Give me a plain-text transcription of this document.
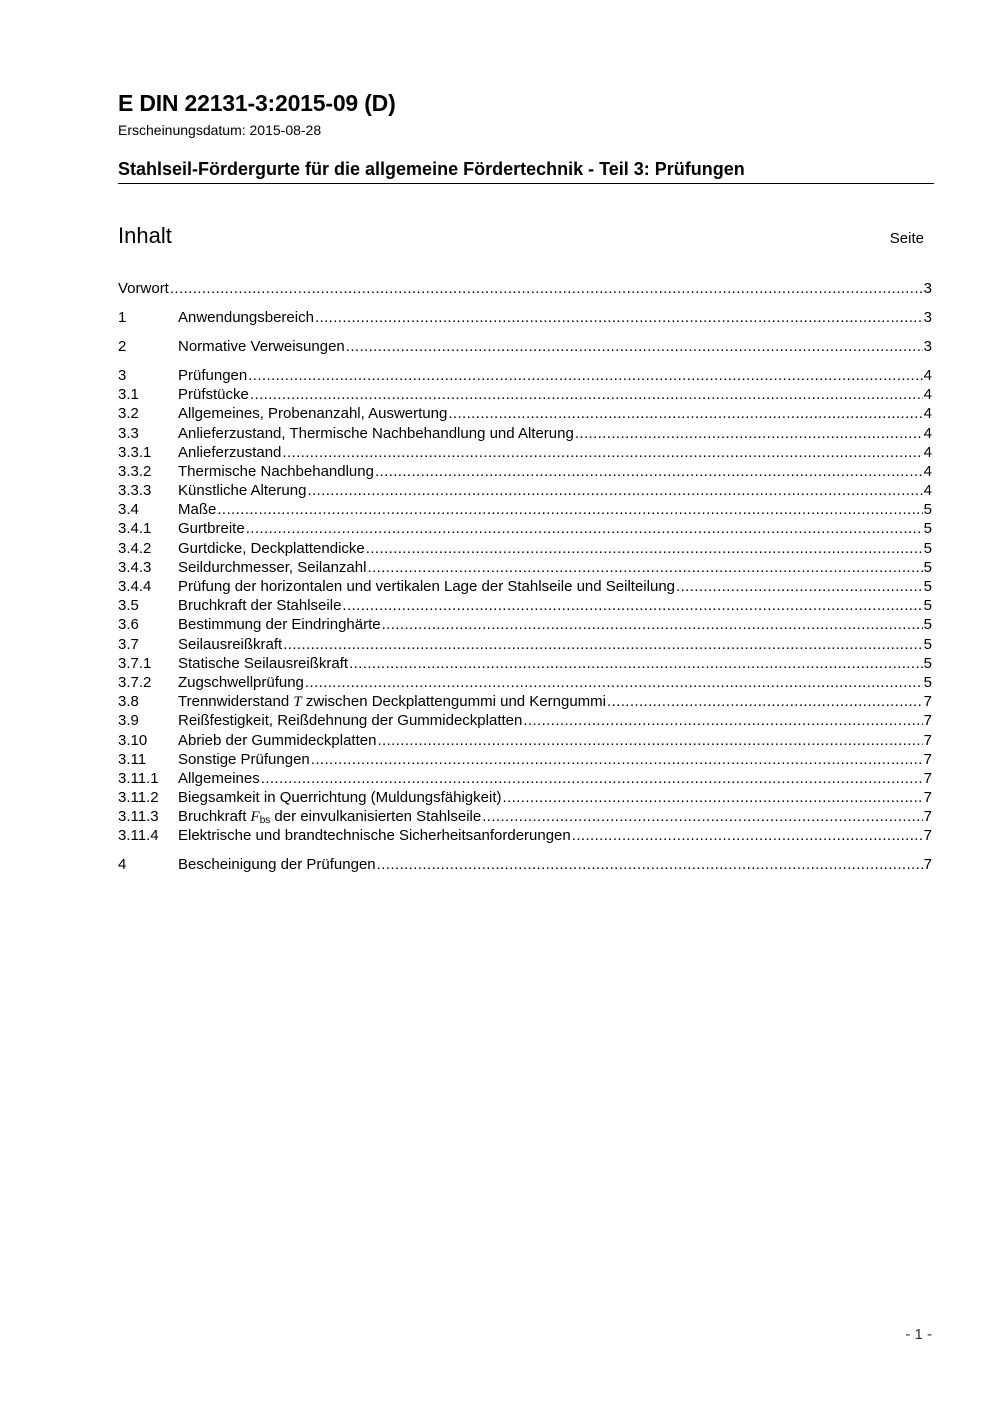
E DIN 22131-3:2015-09 (D)
Erscheinungsdatum: 2015-08-28
Stahlseil-Fördergurte für die allgemeine Fördertechnik - Teil 3: Prüfungen
Inhalt	Seite
Vorwort .....	3
1	Anwendungsbereich .....	3
2	Normative Verweisungen .....	3
3	Prüfungen .....	4
3.1	Prüfstücke .....	4
3.2	Allgemeines, Probenanzahl, Auswertung .....	4
3.3	Anlieferzustand, Thermische Nachbehandlung und Alterung .....	4
3.3.1	Anlieferzustand .....	4
3.3.2	Thermische Nachbehandlung .....	4
3.3.3	Künstliche Alterung .....	4
3.4	Maße .....	5
3.4.1	Gurtbreite .....	5
3.4.2	Gurtdicke, Deckplattendicke .....	5
3.4.3	Seildurchmesser, Seilanzahl .....	5
3.4.4	Prüfung der horizontalen und vertikalen Lage der Stahlseile und Seilteilung .....	5
3.5	Bruchkraft der Stahlseile .....	5
3.6	Bestimmung der Eindringhärte .....	5
3.7	Seilausreißkraft .....	5
3.7.1	Statische Seilausreißkraft .....	5
3.7.2	Zugschwellprüfung .....	5
3.8	Trennwiderstand T zwischen Deckplattengummi und Kerngummi .....	7
3.9	Reißfestigkeit, Reißdehnung der Gummideckplatten .....	7
3.10	Abrieb der Gummideckplatten .....	7
3.11	Sonstige Prüfungen .....	7
3.11.1	Allgemeines .....	7
3.11.2	Biegsamkeit in Querrichtung (Muldungsfähigkeit) .....	7
3.11.3	Bruchkraft $F_{bs}$ der einvulkanisierten Stahlseile .....	7
3.11.4	Elektrische und brandtechnische Sicherheitsanforderungen .....	7
4	Bescheinigung der Prüfungen .....	7
- 1 -
